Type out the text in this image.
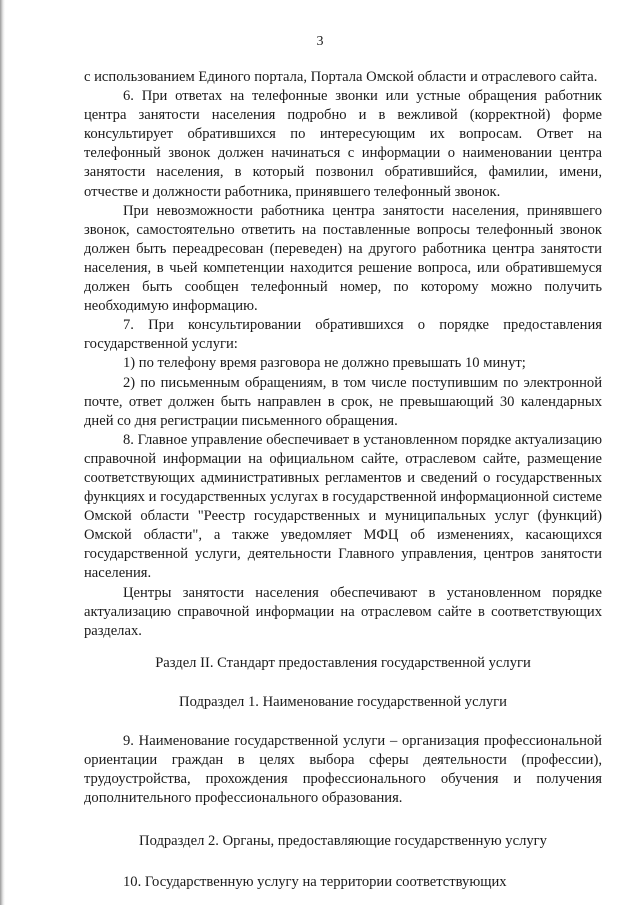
3

с использованием Единого портала, Портала Омской области и отраслевого сайта.

6. При ответах на телефонные звонки или устные обращения работник центра занятости населения подробно и в вежливой (корректной) форме консультирует обратившихся по интересующим их вопросам. Ответ на телефонный звонок должен начинаться с информации о наименовании центра занятости населения, в который позвонил обратившийся, фамилии, имени, отчестве и должности работника, принявшего телефонный звонок.

При невозможности работника центра занятости населения, принявшего звонок, самостоятельно ответить на поставленные вопросы телефонный звонок должен быть переадресован (переведен) на другого работника центра занятости населения, в чьей компетенции находится решение вопроса, или обратившемуся должен быть сообщен телефонный номер, по которому можно получить необходимую информацию.

7. При консультировании обратившихся о порядке предоставления государственной услуги:

1) по телефону время разговора не должно превышать 10 минут;

2) по письменным обращениям, в том числе поступившим по электронной почте, ответ должен быть направлен в срок, не превышающий 30 календарных дней со дня регистрации письменного обращения.

8. Главное управление обеспечивает в установленном порядке актуализацию справочной информации на официальном сайте, отраслевом сайте, размещение соответствующих административных регламентов и сведений о государственных функциях и государственных услугах в государственной информационной системе Омской области "Реестр государственных и муниципальных услуг (функций) Омской области", а также уведомляет МФЦ об изменениях, касающихся государственной услуги, деятельности Главного управления, центров занятости населения.

Центры занятости населения обеспечивают в установленном порядке актуализацию справочной информации на отраслевом сайте в соответствующих разделах.

Раздел II. Стандарт предоставления государственной услуги

Подраздел 1. Наименование государственной услуги

9. Наименование государственной услуги – организация профессиональной ориентации граждан в целях выбора сферы деятельности (профессии), трудоустройства, прохождения профессионального обучения и получения дополнительного профессионального образования.

Подраздел 2. Органы, предоставляющие государственную услугу

10. Государственную услугу на территории соответствующих
